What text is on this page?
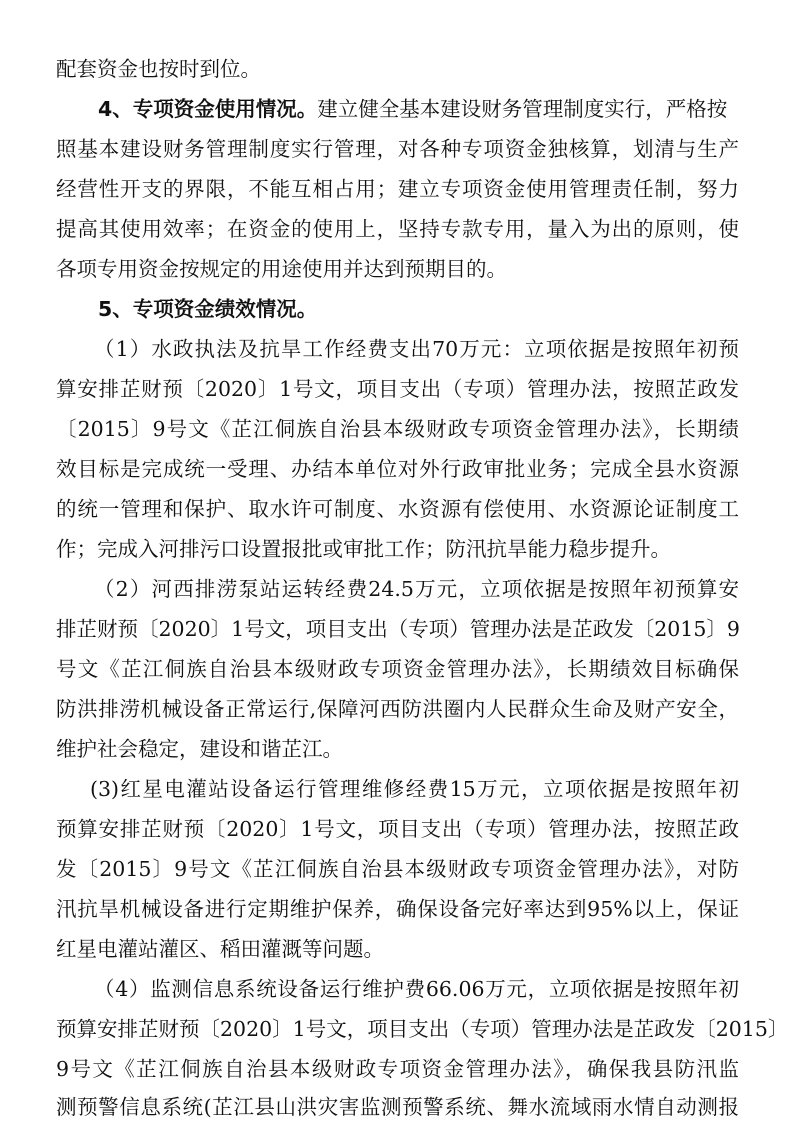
配套资金也按时到位。
4、专项资金使用情况。建立健全基本建设财务管理制度实行，严格按
照基本建设财务管理制度实行管理，对各种专项资金独核算，划清与生产
经营性开支的界限，不能互相占用；建立专项资金使用管理责任制，努力
提高其使用效率；在资金的使用上，坚持专款专用，量入为出的原则，使
各项专用资金按规定的用途使用并达到预期目的。
5、专项资金绩效情况。
（1）水政执法及抗旱工作经费支出70万元：立项依据是按照年初预
算安排芷财预〔2020〕1号文，项目支出（专项）管理办法，按照芷政发
〔2015〕9号文《芷江侗族自治县本级财政专项资金管理办法》，长期绩
效目标是完成统一受理、办结本单位对外行政审批业务；完成全县水资源
的统一管理和保护、取水许可制度、水资源有偿使用、水资源论证制度工
作；完成入河排污口设置报批或审批工作；防汛抗旱能力稳步提升。
（2）河西排涝泵站运转经费24.5万元，立项依据是按照年初预算安
排芷财预〔2020〕1号文，项目支出（专项）管理办法是芷政发〔2015〕9
号文《芷江侗族自治县本级财政专项资金管理办法》，长期绩效目标确保
防洪排涝机械设备正常运行,保障河西防洪圈内人民群众生命及财产安全，
维护社会稳定，建设和谐芷江。
(3)红星电灌站设备运行管理维修经费15万元，立项依据是按照年初
预算安排芷财预〔2020〕1号文，项目支出（专项）管理办法，按照芷政
发〔2015〕9号文《芷江侗族自治县本级财政专项资金管理办法》，对防
汛抗旱机械设备进行定期维护保养，确保设备完好率达到95%以上，保证
红星电灌站灌区、稻田灌溉等问题。
（4）监测信息系统设备运行维护费66.06万元，立项依据是按照年初
预算安排芷财预〔2020〕1号文，项目支出（专项）管理办法是芷政发〔2015〕
9号文《芷江侗族自治县本级财政专项资金管理办法》，确保我县防汛监
测预警信息系统(芷江县山洪灾害监测预警系统、舞水流域雨水情自动测报
